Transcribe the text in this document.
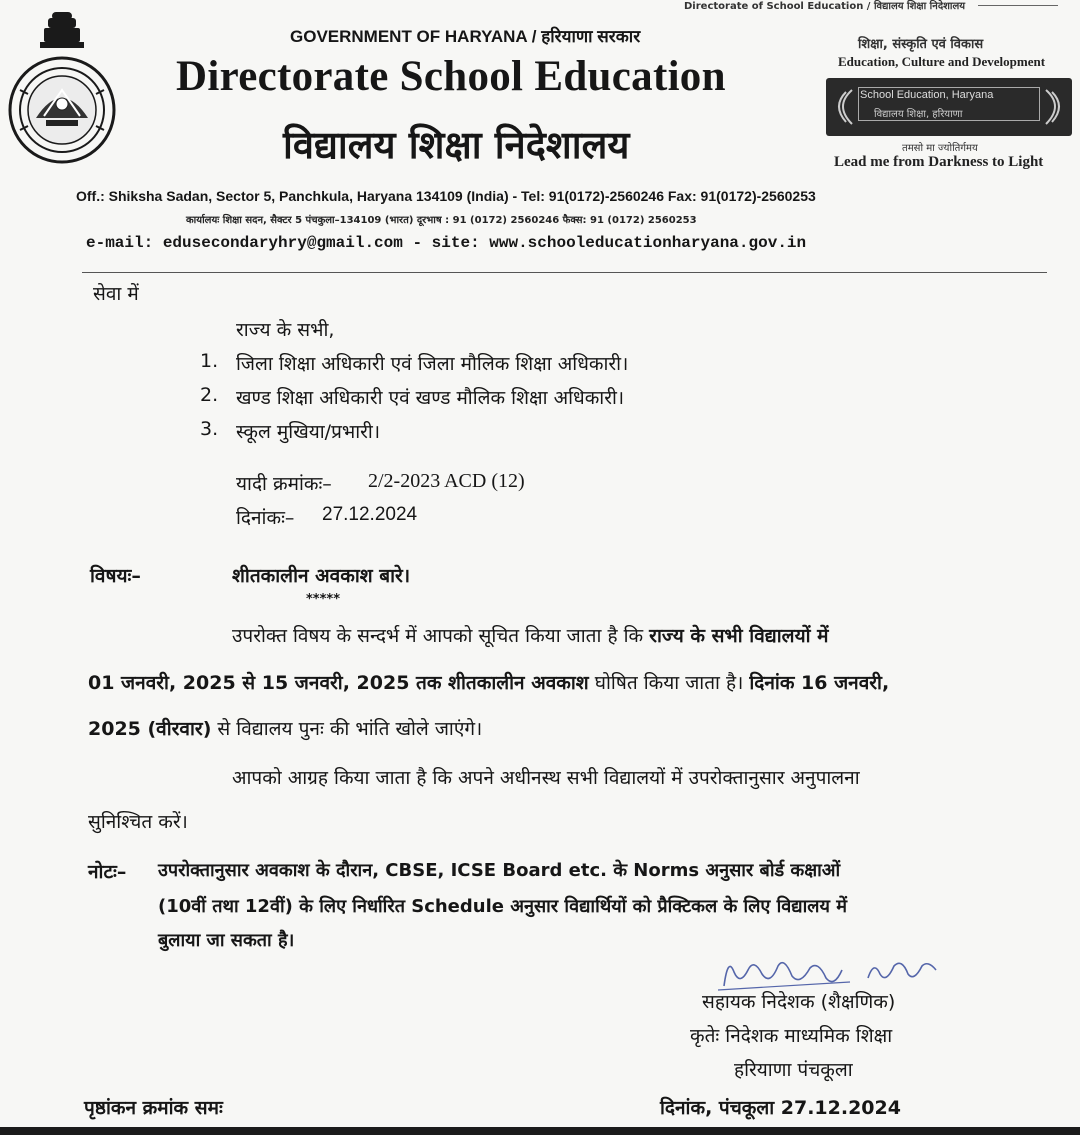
Directorate of School Education / विद्यालय शिक्षा निदेशालय
GOVERNMENT OF HARYANA / हरियाणा सरकार
Directorate School Education
विद्यालय शिक्षा निदेशालय
शिक्षा, संस्कृति एवं विकास
Education, Culture and Development
School Education, Haryana
विद्यालय शिक्षा, हरियाणा
तमसो मा ज्योतिर्गमय
Lead me from Darkness to Light
Off.: Shiksha Sadan, Sector 5, Panchkula, Haryana 134109 (India) - Tel: 91(0172)-2560246 Fax: 91(0172)-2560253
कार्यालयः शिक्षा सदन, सैक्टर 5 पंचकुला–134109 (भारत) दूरभाष : 91 (0172) 2560246 फैक्स: 91 (0172) 2560253
e-mail: edusecondaryhry@gmail.com - site: www.schooleducationharyana.gov.in
सेवा में
राज्य के सभी,
1. जिला शिक्षा अधिकारी एवं जिला मौलिक शिक्षा अधिकारी।
2. खण्ड शिक्षा अधिकारी एवं खण्ड मौलिक शिक्षा अधिकारी।
3. स्कूल मुखिया/प्रभारी।
यादी क्रमांकः– 2/2-2023 ACD (12)
दिनांकः– 27.12.2024
विषयः–	शीतकालीन अवकाश बारे।
*****
उपरोक्त विषय के सन्दर्भ में आपको सूचित किया जाता है कि राज्य के सभी विद्यालयों में
01 जनवरी, 2025 से 15 जनवरी, 2025 तक शीतकालीन अवकाश घोषित किया जाता है। दिनांक 16 जनवरी,
2025 (वीरवार) से विद्यालय पुनः की भांति खोले जाएंगे।
आपको आग्रह किया जाता है कि अपने अधीनस्थ सभी विद्यालयों में उपरोक्तानुसार अनुपालना
सुनिश्चित करें।
नोटः– उपरोक्तानुसार अवकाश के दौरान, CBSE, ICSE Board etc. के Norms अनुसार बोर्ड कक्षाओं
(10वीं तथा 12वीं) के लिए निर्धारित Schedule अनुसार विद्यार्थियों को प्रैक्टिकल के लिए विद्यालय में
बुलाया जा सकता है।
सहायक निदेशक (शैक्षणिक)
कृतेः निदेशक माध्यमिक शिक्षा
हरियाणा पंचकूला
पृष्ठांकन क्रमांक समः	दिनांक, पंचकूला 27.12.2024
